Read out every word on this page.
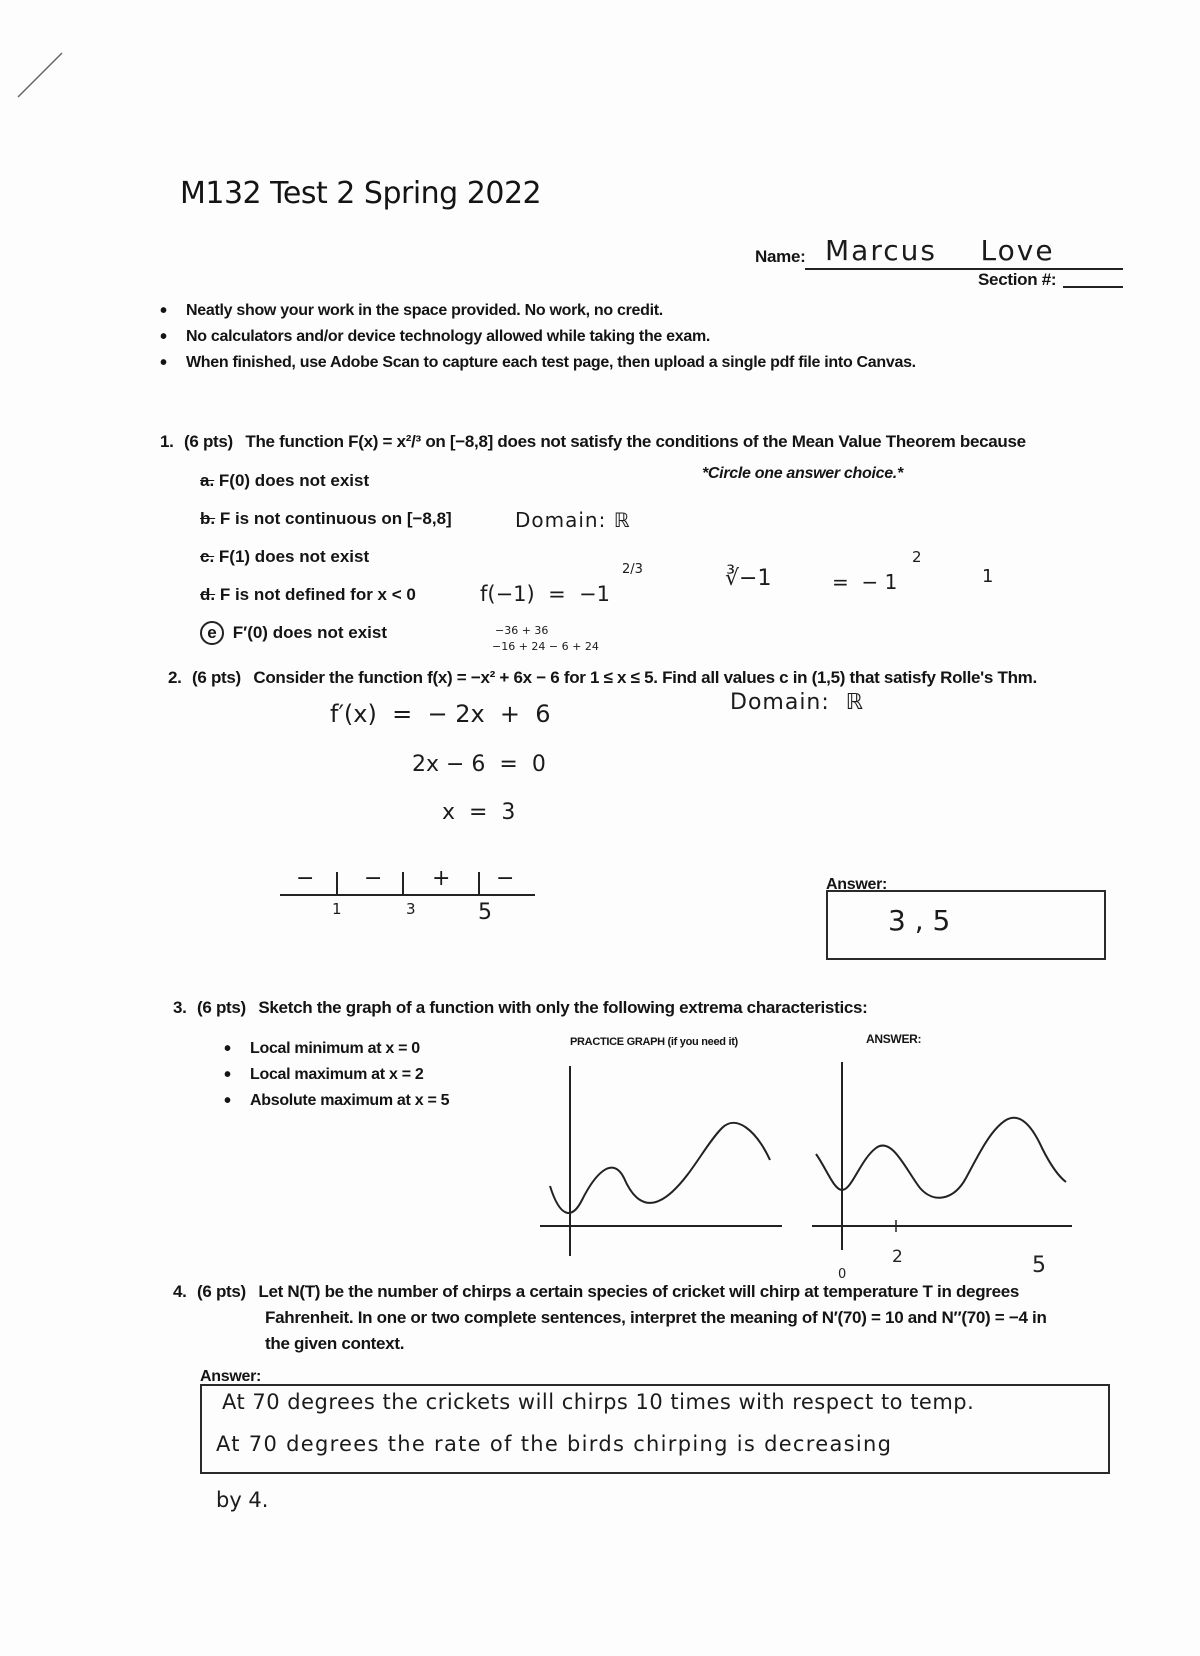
M132 Test 2 Spring 2022
Name: Marcus    Love
Section #:
• Neatly show your work in the space provided. No work, no credit.
• No calculators and/or device technology allowed while taking the exam.
• When finished, use Adobe Scan to capture each test page, then upload a single pdf file into Canvas.
1. (6 pts) The function F(x) = x²/³ on [−8,8] does not satisfy the conditions of the Mean Value Theorem because
*Circle one answer choice.*
a. F(0) does not exist
b. F is not continuous on [−8,8]
c. F(1) does not exist
d. F is not defined for x < 0
e F′(0) does not exist
Domain: ℝ
f(−1)  =  −1
2/3	∛−1	=  − 1
2
1
−36 + 36
−16 + 24 − 6 + 24
2. (6 pts) Consider the function f(x) = −x² + 6x − 6 for 1 ≤ x ≤ 5. Find all values c in (1,5) that satisfy Rolle's Thm.
f′(x)  =  − 2x  +  6	Domain:  ℝ
2x − 6  =  0
x  =  3
− − + −
1	3	5
Answer:
3 , 5
3. (6 pts) Sketch the graph of a function with only the following extrema characteristics:
• Local minimum at x = 0
• Local maximum at x = 2
• Absolute maximum at x = 5
PRACTICE GRAPH (if you need it)	ANSWER:
0
2	5
4. (6 pts) Let N(T) be the number of chirps a certain species of cricket will chirp at temperature T in degrees
Fahrenheit. In one or two complete sentences, interpret the meaning of N′(70) = 10 and N″(70) = −4 in
the given context.
Answer:
At 70 degrees the crickets will chirps 10 times with respect to temp.
At 70 degrees the rate of the birds chirping is decreasing
by 4.
